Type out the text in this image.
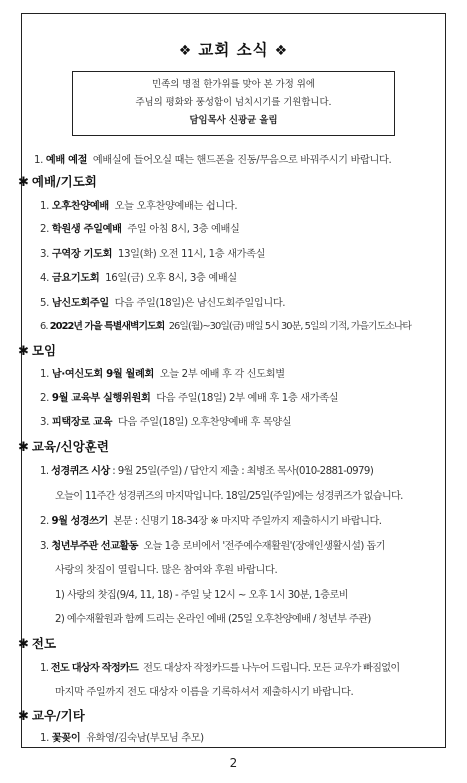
❖ 교회 소식 ❖
민족의 명절 한가위를 맞아 본 가정 위에
주님의 평화와 풍성함이 넘치시기를 기원합니다.
담임목사 신광균 올림
1. 예배 예절 예배실에 들어오실 때는 핸드폰을 진동/무음으로 바꿔주시기 바랍니다.
✱ 예배/기도회
1. 오후찬양예배 오늘 오후찬양예배는 쉽니다.
2. 학원생 주일예배 주일 아침 8시, 3층 예배실
3. 구역장 기도회 13일(화) 오전 11시, 1층 새가족실
4. 금요기도회 16일(금) 오후 8시, 3층 예배실
5. 남신도회주일 다음 주일(18일)은 남신도회주일입니다.
6. 2022년 가을 특별새벽기도회 26일(월)~30일(금) 매일 5시 30분, 5일의 기적, 가을기도소나타
✱ 모임
1. 남·여신도회 9월 월례회 오늘 2부 예배 후 각 신도회별
2. 9월 교육부 실행위원회 다음 주일(18일) 2부 예배 후 1층 새가족실
3. 피택장로 교육 다음 주일(18일) 오후찬양예배 후 목양실
✱ 교육/신앙훈련
1. 성경퀴즈 시상 : 9월 25일(주일) / 답안지 제출 : 최병조 목사(010-2881-0979)
오늘이 11주간 성경퀴즈의 마지막입니다. 18일/25일(주일)에는 성경퀴즈가 없습니다.
2. 9월 성경쓰기 본문 : 신명기 18-34장 ※ 마지막 주일까지 제출하시기 바랍니다.
3. 청년부주관 선교활동 오늘 1층 로비에서 '전주예수재활원'(장애인생활시설) 돕기
사랑의 찻집이 열립니다. 많은 참여와 후원 바랍니다.
1) 사랑의 찻집(9/4, 11, 18) - 주일 낮 12시 ~ 오후 1시 30분, 1층로비
2) 예수재활원과 함께 드리는 온라인 예배 (25일 오후찬양예배 / 청년부 주관)
✱ 전도
1. 전도 대상자 작정카드 전도 대상자 작정카드를 나누어 드립니다. 모든 교우가 빠짐없이
마지막 주일까지 전도 대상자 이름을 기록하셔서 제출하시기 바랍니다.
✱ 교우/기타
1. 꽃꽂이 유화영/김숙남(부모님 추모)
2
